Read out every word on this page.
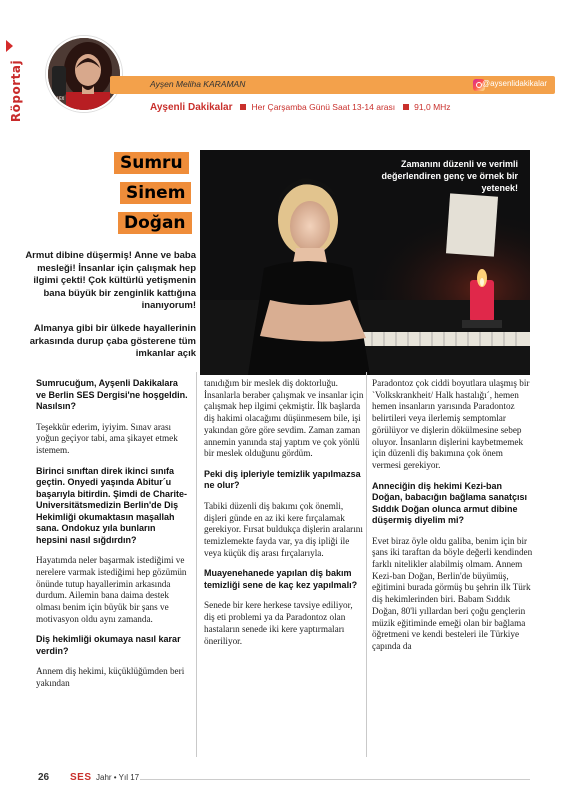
Röportaj	ALEX
Ayşen Meliha KARAMAN	@aysenlidakikalar
Ayşenli Dakikalar Her Çarşamba Günü Saat 13-14 arası 91,0 MHz
Zamanını düzenli ve verimli değerlendiren genç ve örnek bir yetenek!
Sumru
Sinem
Doğan

Armut dibine düşermiş! Anne ve baba mesleği! İnsanlar için çalışmak hep ilgimi çekti! Çok kültürlü yetişmenin bana büyük bir zenginlik kattığına inanıyorum!

Almanya gibi bir ülkede hayallerinin arkasında durup çaba gösterene tüm imkanlar açık

Sumrucuğum, Ayşenli Dakikalara ve Berlin SES Dergisi'ne hoşgeldin. Nasılsın?

Teşekkür ederim, iyiyim. Sınav arası yoğun geçiyor tabi, ama şikayet etmek istemem.

Birinci sınıftan direk ikinci sınıfa geçtin. Onyedi yaşında Abitur´u başarıyla bitirdin. Şimdi de Charite-Universitätsmedizin Berlin'de Diş Hekimliği okumaktasın maşallah sana. Ondokuz yıla bunların hepsini nasıl sığdırdın?

Hayatımda neler başarmak istediğimi ve nerelere varmak istediğimi hep gözümün önünde tutup hayallerimin arkasında durdum. Ailemin bana daima destek olması benim için büyük bir şans ve motivasyon oldu aynı zamanda.

Diş hekimliği okumaya nasıl karar verdin?

Annem diş hekimi, küçüklüğümden beri yakından

tanıdığım bir meslek diş doktorluğu. İnsanlarla beraber çalışmak ve insanlar için çalışmak hep ilgimi çekmiştir. İlk başlarda diş hakimi olacağımı düşünmesem bile, işi yakından göre göre sevdim. Zaman zaman annemin yanında staj yaptım ve çok yönlü bir meslek olduğunu gördüm.

Peki diş ipleriyle temizlik yapılmazsa ne olur?

Tabiki düzenli diş bakımı çok önemli, dişleri günde en az iki kere fırçalamak gerekiyor. Fırsat buldukça dişlerin aralarını temizlemekte fayda var, ya diş ipliği ile veya küçük diş arası fırçalarıyla.

Muayenehanede yapılan diş bakım temizliği sene de kaç kez yapılmalı?

Senede bir kere herkese tavsiye ediliyor, diş eti problemi ya da Paradontoz olan hastaların senede iki kere yaptırmaları öneriliyor.

Paradontoz çok ciddi boyutlara ulaşmış bir `Volkskrankheit/ Halk hastalığı´, hemen hemen insanların yarısında Paradontoz belirtileri veya ilerlemiş semptomlar görülüyor ve dişlerin dökülmesine sebep oluyor. İnsanların dişlerini kaybetmemek için düzenli diş bakımına çok önem vermesi gerekiyor.

Anneciğin diş hekimi Kezi-ban Doğan, babacığın bağlama sanatçısı Sıddık Doğan olunca armut dibine düşermiş diyelim mi?

Evet biraz öyle oldu galiba, benim için bir şans iki taraftan da böyle değerli kendinden farklı nitelikler alabilmiş olmam. Annem Kezi-ban Doğan, Berlin'de büyümüş, eğitimini burada görmüş bu şehrin ilk Türk diş hekimlerinden biri. Babam Sıddık Doğan, 80'li yıllardan beri çoğu gençlerin müzik eğitiminde emeği olan bir bağlama öğretmeni ve kendi besteleri ile Türkiye çapında da

26 SES Jahr • Yıl 17
